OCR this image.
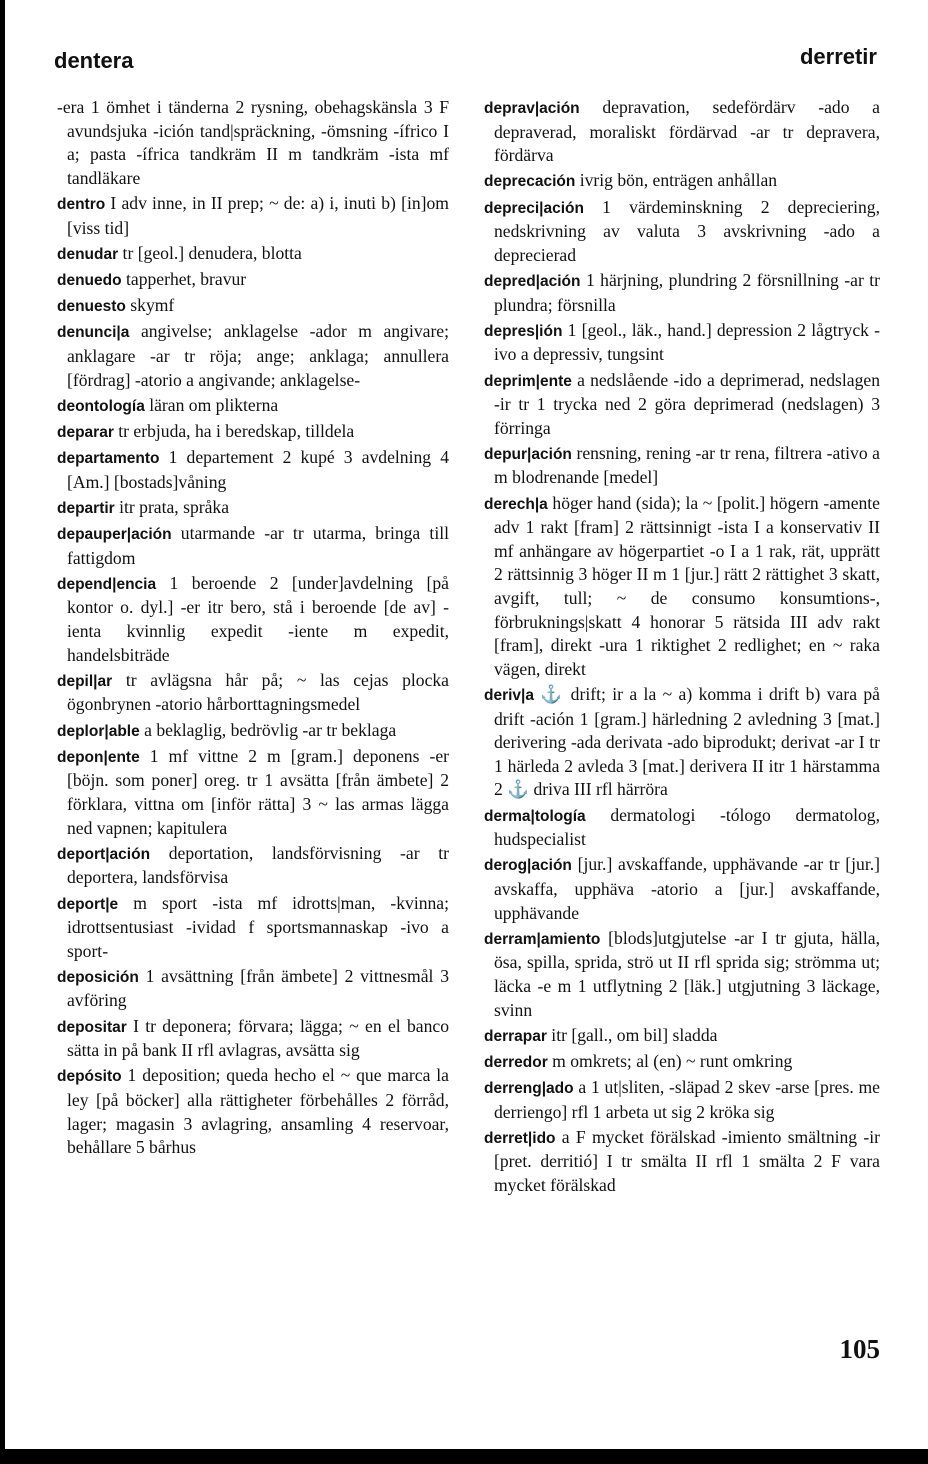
dentera	derretir
-era 1 ömhet i tänderna 2 rysning, obehagskänsla 3 F avundsjuka -ición tand|spräckning, -ömsning -ífrico I a; pasta -ífrica tandkräm II m tandkräm -ista mf tandläkare
dentro I adv inne, in II prep; ~ de: a) i, inuti b) [in]om [viss tid]
denudar tr [geol.] denudera, blotta
denuedo tapperhet, bravur
denuesto skymf
denunci|a angivelse; anklagelse -ador m angivare; anklagare -ar tr röja; ange; anklaga; annullera [fördrag] -atorio a angivande; anklagelse-
deontología läran om plikterna
deparar tr erbjuda, ha i beredskap, tilldela
departamento 1 departement 2 kupé 3 avdelning 4 [Am.] [bostads]våning
departir itr prata, språka
depauper|ación utarmande -ar tr utarma, bringa till fattigdom
depend|encia 1 beroende 2 [under]avdelning [på kontor o. dyl.] -er itr bero, stå i beroende [de av] -ienta kvinnlig expedit -iente m expedit, handelsbiträde
depil|ar tr avlägsna hår på; ~ las cejas plocka ögonbrynen -atorio hårborttagningsmedel
deplor|able a beklaglig, bedrövlig -ar tr beklaga
depon|ente 1 mf vittne 2 m [gram.] deponens -er [böjn. som poner] oreg. tr 1 avsätta [från ämbete] 2 förklara, vittna om [inför rätta] 3 ~ las armas lägga ned vapnen; kapitulera
deport|ación deportation, landsförvisning -ar tr deportera, landsförvisa
deport|e m sport -ista mf idrotts|man, -kvinna; idrottsentusiast -ividad f sportsmannaskap -ivo a sport-
deposición 1 avsättning [från ämbete] 2 vittnesmål 3 avföring
depositar I tr deponera; förvara; lägga; ~ en el banco sätta in på bank II rfl avlagras, avsätta sig
depósito 1 deposition; queda hecho el ~ que marca la ley [på böcker] alla rättigheter förbehålles 2 förråd, lager; magasin 3 avlagring, ansamling 4 reservoar, behållare 5 bårhus
deprav|ación depravation, sedefördärv -ado a depraverad, moraliskt fördärvad -ar tr depravera, fördärva
deprecación ivrig bön, enträgen anhållan
depreci|ación 1 värdeminskning 2 depreciering, nedskrivning av valuta 3 avskrivning -ado a deprecierad
depred|ación 1 härjning, plundring 2 försnillning -ar tr plundra; försnilla
depres|ión 1 [geol., läk., hand.] depression 2 lågtryck -ivo a depressiv, tungsint
deprim|ente a nedslående -ido a deprimerad, nedslagen -ir tr 1 trycka ned 2 göra deprimerad (nedslagen) 3 förringa
depur|ación rensning, rening -ar tr rena, filtrera -ativo a m blodrenande [medel]
derech|a höger hand (sida); la ~ [polit.] högern -amente adv 1 rakt [fram] 2 rättsinnigt -ista I a konservativ II mf anhängare av högerpartiet -o I a 1 rak, rät, upprätt 2 rättsinnig 3 höger II m 1 [jur.] rätt 2 rättighet 3 skatt, avgift, tull; ~ de consumo konsumtions-, förbruknings|skatt 4 honorar 5 rätsida III adv rakt [fram], direkt -ura 1 riktighet 2 redlighet; en ~ raka vägen, direkt
deriv|a ⚓ drift; ir a la ~ a) komma i drift b) vara på drift -ación 1 [gram.] härledning 2 avledning 3 [mat.] derivering -ada derivata -ado biprodukt; derivat -ar I tr 1 härleda 2 avleda 3 [mat.] derivera II itr 1 härstamma 2 ⚓ driva III rfl härröra
derma|tología dermatologi -tólogo dermatolog, hudspecialist
derog|ación [jur.] avskaffande, upphävande -ar tr [jur.] avskaffa, upphäva -atorio a [jur.] avskaffande, upphävande
derram|amiento [blods]utgjutelse -ar I tr gjuta, hälla, ösa, spilla, sprida, strö ut II rfl sprida sig; strömma ut; läcka -e m 1 utflytning 2 [läk.] utgjutning 3 läckage, svinn
derrapar itr [gall., om bil] sladda
derredor m omkrets; al (en) ~ runt omkring
derreng|ado a 1 ut|sliten, -släpad 2 skev -arse [pres. me derriengo] rfl 1 arbeta ut sig 2 kröka sig
derret|ido a F mycket förälskad -imiento smältning -ir [pret. derritió] I tr smälta II rfl 1 smälta 2 F vara mycket förälskad
105
